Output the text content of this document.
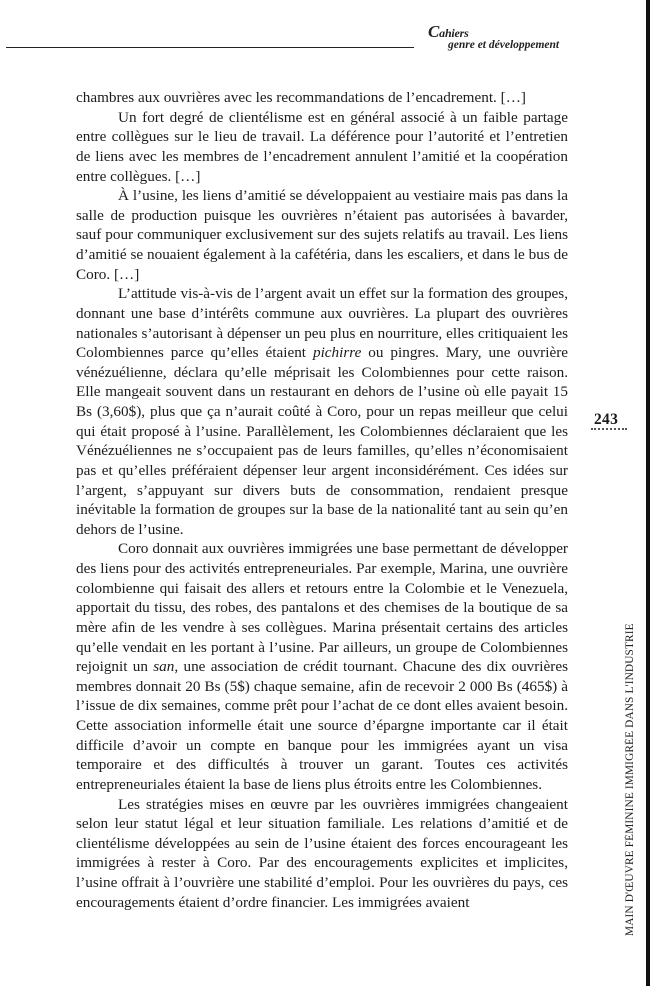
Cahiers
genre et développement

chambres aux ouvrières avec les recommandations de l’encadrement. […]

Un fort degré de clientélisme est en général associé à un faible partage entre collègues sur le lieu de travail. La déférence pour l’autorité et l’entretien de liens avec les membres de l’encadrement annulent l’amitié et la coopération entre collègues. […]

À l’usine, les liens d’amitié se développaient au vestiaire mais pas dans la salle de production puisque les ouvrières n’étaient pas autorisées à bavarder, sauf pour communiquer exclusivement sur des sujets relatifs au travail. Les liens d’amitié se nouaient également à la cafétéria, dans les escaliers, et dans le bus de Coro. […]

L’attitude vis-à-vis de l’argent avait un effet sur la formation des groupes, donnant une base d’intérêts commune aux ouvrières. La plupart des ouvrières nationales s’autorisant à dépenser un peu plus en nourriture, elles critiquaient les Colombiennes parce qu’elles étaient pichirre ou pingres. Mary, une ouvrière vénézuélienne, déclara qu’elle méprisait les Colombiennes pour cette raison. Elle mangeait souvent dans un restaurant en dehors de l’usine où elle payait 15 Bs (3,60$), plus que ça n’aurait coûté à Coro, pour un repas meilleur que celui qui était proposé à l’usine. Parallèlement, les Colombiennes déclaraient que les Vénézuéliennes ne s’occupaient pas de leurs familles, qu’elles n’économisaient pas et qu’elles préféraient dépenser leur argent inconsidérément. Ces idées sur l’argent, s’appuyant sur divers buts de consommation, rendaient presque inévitable la formation de groupes sur la base de la nationalité tant au sein qu’en dehors de l’usine.

Coro donnait aux ouvrières immigrées une base permettant de développer des liens pour des activités entrepreneuriales. Par exemple, Marina, une ouvrière colombienne qui faisait des allers et retours entre la Colombie et le Venezuela, apportait du tissu, des robes, des pantalons et des chemises de la boutique de sa mère afin de les vendre à ses collègues. Marina présentait certains des articles qu’elle vendait en les portant à l’usine. Par ailleurs, un groupe de Colombiennes rejoignit un san, une association de crédit tournant. Chacune des dix ouvrières membres donnait 20 Bs (5$) chaque semaine, afin de recevoir 2 000 Bs (465$) à l’issue de dix semaines, comme prêt pour l’achat de ce dont elles avaient besoin. Cette association informelle était une source d’épargne importante car il était difficile d’avoir un compte en banque pour les immigrées ayant un visa temporaire et des difficultés à trouver un garant. Toutes ces activités entrepreneuriales étaient la base de liens plus étroits entre les Colombiennes.

Les stratégies mises en œuvre par les ouvrières immigrées changeaient selon leur statut légal et leur situation familiale. Les relations d’amitié et de clientélisme développées au sein de l’usine étaient des forces encourageant les immigrées à rester à Coro. Par des encouragements explicites et implicites, l’usine offrait à l’ouvrière une stabilité d’emploi. Pour les ouvrières du pays, ces encouragements étaient d’ordre financier. Les immigrées avaient

243
MAIN D'ŒUVRE FÉMININE IMMIGRÉE DANS L'INDUSTRIE
